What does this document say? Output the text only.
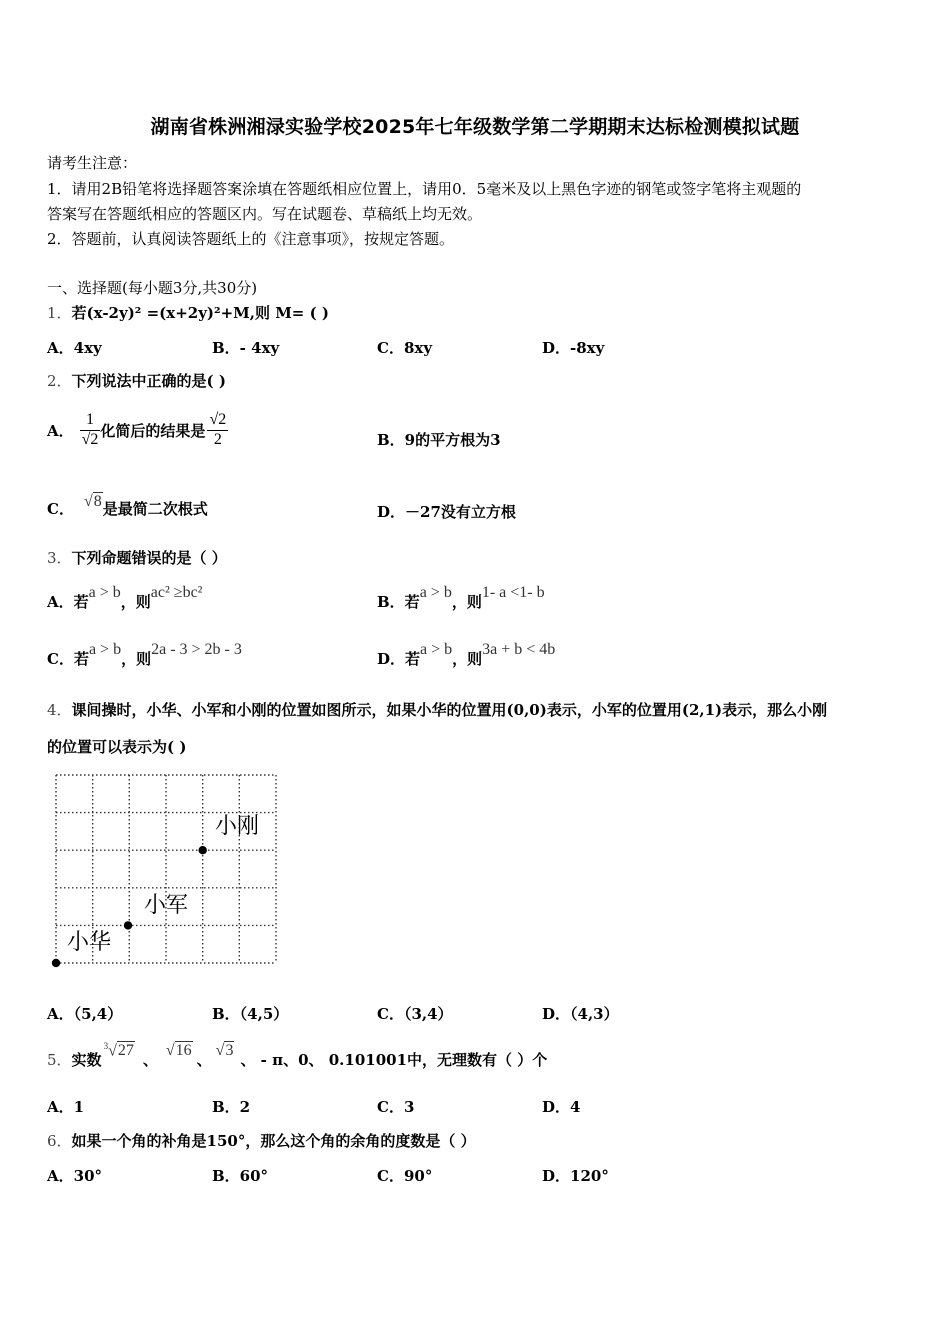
湖南省株洲湘渌实验学校2025年七年级数学第二学期期末达标检测模拟试题
请考生注意：
1．请用2B铅笔将选择题答案涂填在答题纸相应位置上，请用0．5毫米及以上黑色字迹的钢笔或签字笔将主观题的
答案写在答题纸相应的答题区内。写在试题卷、草稿纸上均无效。
2．答题前，认真阅读答题纸上的《注意事项》，按规定答题。
一、选择题(每小题3分,共30分)
1．若(x-2y)² =(x+2y)²+M,则 M= ( )
A．4xy	B．- 4xy	C．8xy	D．-8xy
2．下列说法中正确的是( )
A． $\frac{1}{√2}$ 化简后的结果是 $\frac{√2}{2}$	B．9的平方根为3
C． √8 是最简二次根式	D．－27没有立方根
3．下列命题错误的是（ ）
A．若
a > b
，则
ac² ≥bc²
B．若
a > b
，则
1- a <1- b
C．若
a > b
，则
2a - 3 > 2b - 3
D．若
a > b
，则
3a + b < 4b
4．课间操时，小华、小军和小刚的位置如图所示，如果小华的位置用(0,0)表示，小军的位置用(2,1)表示，那么小刚
的位置可以表示为( )
小刚
小军
小华
A．（5,4）	B．（4,5）	C．（3,4）	D．（4,3）
5． 实数
$^3$√27
、
√16
、
√3
、 - π、0、 0.101001中，无理数有（ ）个
A．1	B．2	C．3	D．4
6．如果一个角的补角是150°，那么这个角的余角的度数是（ ）
A．30°	B．60°	C．90°	D．120°
